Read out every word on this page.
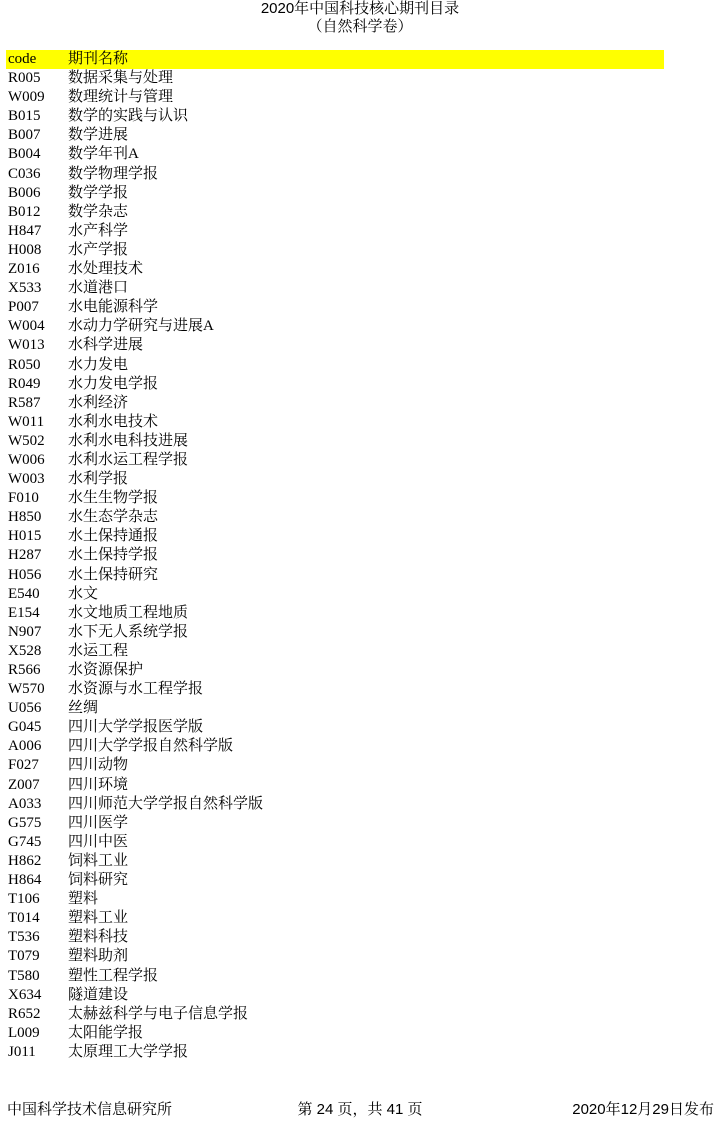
2020年中国科技核心期刊目录
（自然科学卷）
code 期刊名称
R005 数据采集与处理
W009 数理统计与管理
B015 数学的实践与认识
B007 数学进展
B004 数学年刊A
C036 数学物理学报
B006 数学学报
B012 数学杂志
H847 水产科学
H008 水产学报
Z016 水处理技术
X533 水道港口
P007 水电能源科学
W004 水动力学研究与进展A
W013 水科学进展
R050 水力发电
R049 水力发电学报
R587 水利经济
W011 水利水电技术
W502 水利水电科技进展
W006 水利水运工程学报
W003 水利学报
F010 水生生物学报
H850 水生态学杂志
H015 水土保持通报
H287 水土保持学报
H056 水土保持研究
E540 水文
E154 水文地质工程地质
N907 水下无人系统学报
X528 水运工程
R566 水资源保护
W570 水资源与水工程学报
U056 丝绸
G045 四川大学学报医学版
A006 四川大学学报自然科学版
F027 四川动物
Z007 四川环境
A033 四川师范大学学报自然科学版
G575 四川医学
G745 四川中医
H862 饲料工业
H864 饲料研究
T106 塑料
T014 塑料工业
T536 塑料科技
T079 塑料助剂
T580 塑性工程学报
X634 隧道建设
R652 太赫兹科学与电子信息学报
L009 太阳能学报
J011 太原理工大学学报
中国科学技术信息研究所	第 24 页，共 41 页	2020年12月29日发布
